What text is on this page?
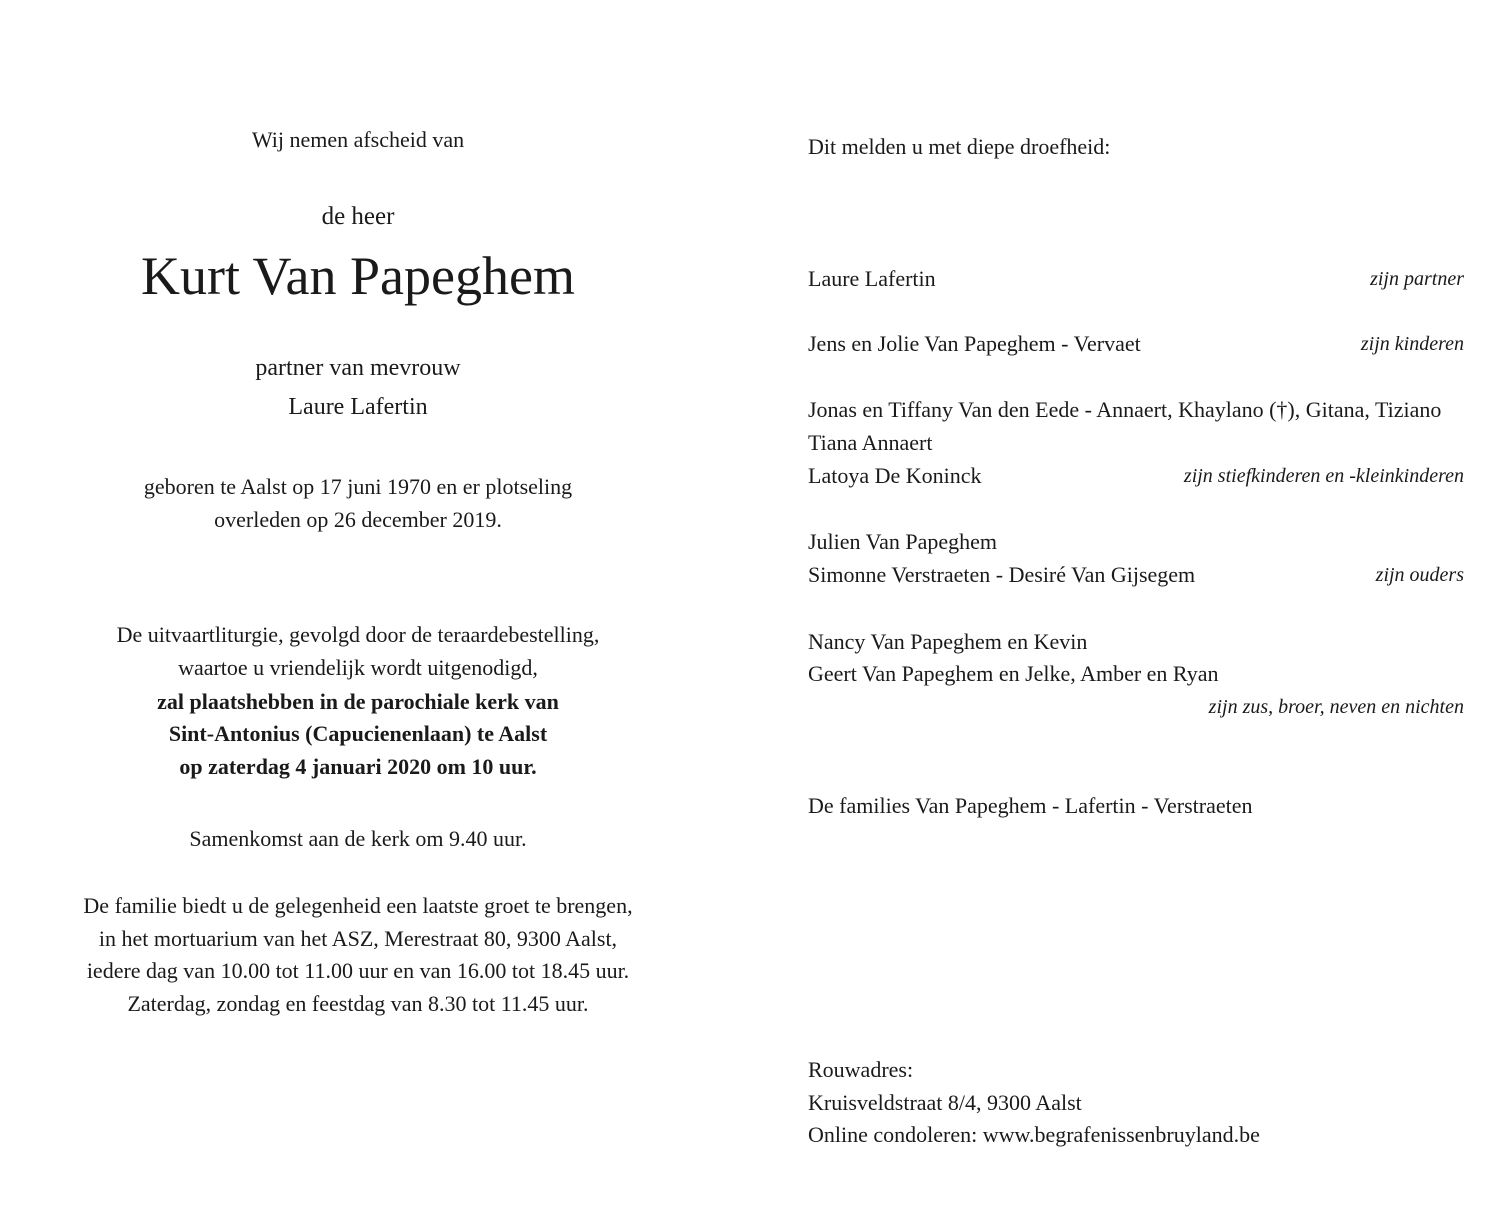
Wij nemen afscheid van
de heer
Kurt Van Papeghem
partner van mevrouw
Laure Lafertin
geboren te Aalst op 17 juni 1970 en er plotseling
overleden op 26 december 2019.
De uitvaartliturgie, gevolgd door de teraardebestelling,
waartoe u vriendelijk wordt uitgenodigd,
zal plaatshebben in de parochiale kerk van
Sint-Antonius (Capucienenlaan) te Aalst
op zaterdag 4 januari 2020 om 10 uur.
Samenkomst aan de kerk om 9.40 uur.
De familie biedt u de gelegenheid een laatste groet te brengen,
in het mortuarium van het ASZ, Merestraat 80, 9300 Aalst,
iedere dag van 10.00 tot 11.00 uur en van 16.00 tot 18.45 uur.
Zaterdag, zondag en feestdag van 8.30 tot 11.45 uur.
Dit melden u met diepe droefheid:
Laure Lafertin	zijn partner
Jens en Jolie Van Papeghem - Vervaet	zijn kinderen
Jonas en Tiffany Van den Eede - Annaert, Khaylano (†), Gitana, Tiziano
Tiana Annaert
Latoya De Koninck	zijn stiefkinderen en -kleinkinderen
Julien Van Papeghem
Simonne Verstraeten - Desiré Van Gijsegem	zijn ouders
Nancy Van Papeghem en Kevin
Geert Van Papeghem en Jelke, Amber en Ryan
zijn zus, broer, neven en nichten
De families Van Papeghem - Lafertin - Verstraeten
Rouwadres:
Kruisveldstraat 8/4, 9300 Aalst
Online condoleren: www.begrafenissenbruyland.be
